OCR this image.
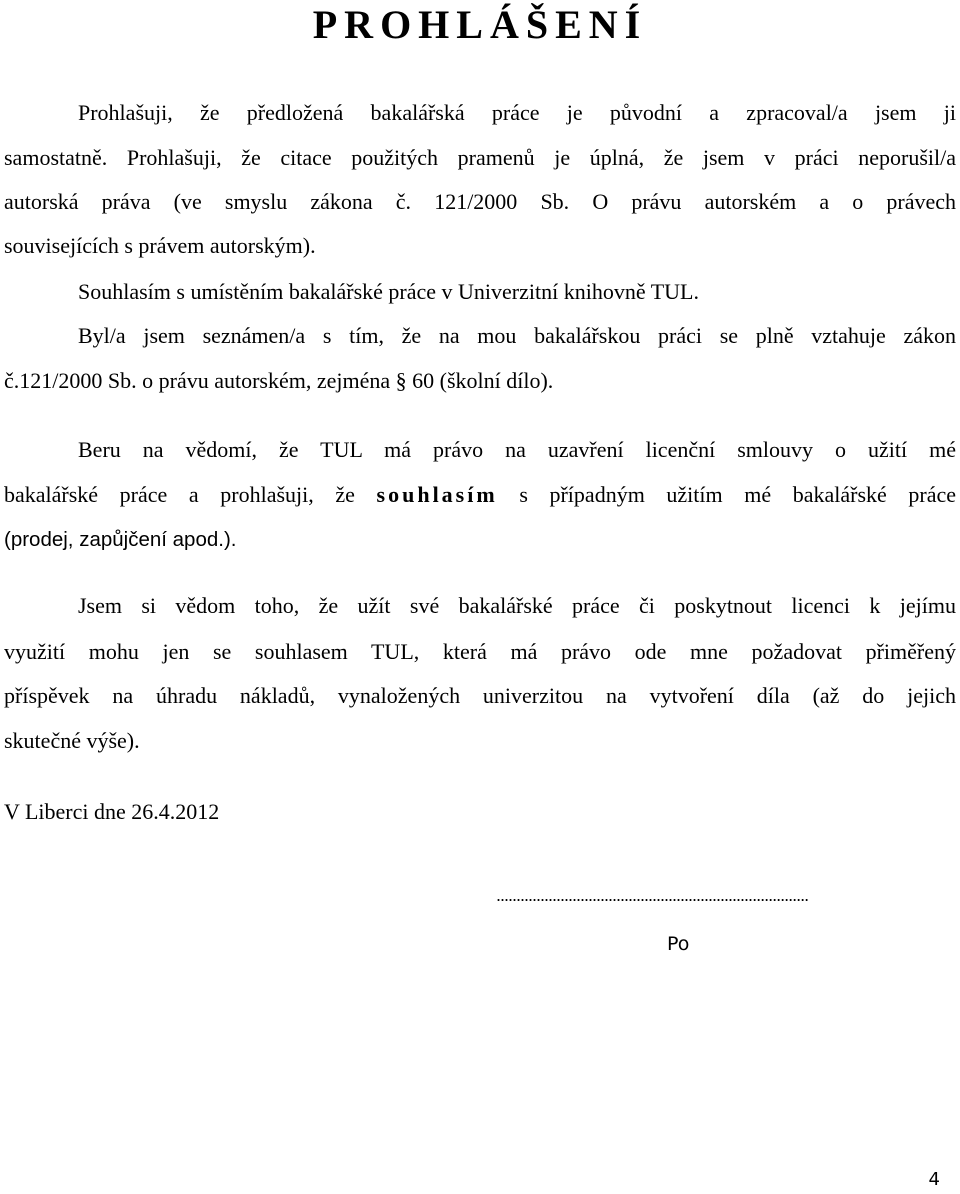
PROHLÁŠENÍ
Prohlašuji, že předložená bakalářská práce je původní a zpracoval/a jsem ji
samostatně. Prohlašuji, že citace použitých pramenů je úplná, že jsem v práci neporušil/a
autorská práva (ve smyslu zákona č. 121/2000 Sb. O právu autorském a o právech
souvisejících s právem autorským).
Souhlasím s umístěním bakalářské práce v Univerzitní knihovně TUL.
Byl/a jsem seznámen/a s tím, že na mou bakalářskou práci se plně vztahuje zákon
č.121/2000 Sb. o právu autorském, zejména § 60 (školní dílo).
Beru na vědomí, že TUL má právo na uzavření licenční smlouvy o užití mé
bakalářské práce a prohlašuji, že souhlasím s případným užitím mé bakalářské práce
(prodej, zapůjčení apod.).
Jsem si vědom toho, že užít své bakalářské práce či poskytnout licenci k jejímu
využití mohu jen se souhlasem TUL, která má právo ode mne požadovat přiměřený
příspěvek na úhradu nákladů, vynaložených univerzitou na vytvoření díla (až do jejich
skutečné výše).
V Liberci dne 26.4.2012
..............................................................................
Po
4
